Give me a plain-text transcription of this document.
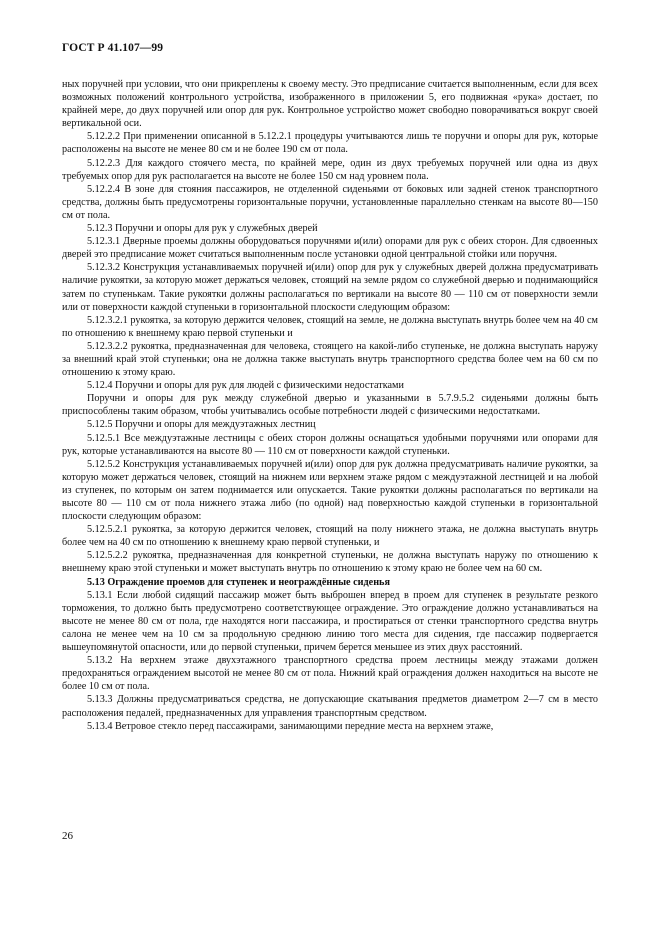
ГОСТ Р 41.107—99

ных поручней при условии, что они прикреплены к своему месту. Это предписание считается выполненным, если для всех возможных положений контрольного устройства, изображенного в приложении 5, его подвижная «рука» достает, по крайней мере, до двух поручней или опор для рук. Контрольное устройство может свободно поворачиваться вокруг своей вертикальной оси.

5.12.2.2 При применении описанной в 5.12.2.1 процедуры учитываются лишь те поручни и опоры для рук, которые расположены на высоте не менее 80 см и не более 190 см от пола.

5.12.2.3 Для каждого стоячего места, по крайней мере, один из двух требуемых поручней или одна из двух требуемых опор для рук располагается на высоте не более 150 см над уровнем пола.

5.12.2.4 В зоне для стояния пассажиров, не отделенной сиденьями от боковых или задней стенок транспортного средства, должны быть предусмотрены горизонтальные поручни, установленные параллельно стенкам на высоте 80—150 см от пола.

5.12.3 Поручни и опоры для рук у служебных дверей

5.12.3.1 Дверные проемы должны оборудоваться поручнями и(или) опорами для рук с обеих сторон. Для сдвоенных дверей это предписание может считаться выполненным после установки одной центральной стойки или поручня.

5.12.3.2 Конструкция устанавливаемых поручней и(или) опор для рук у служебных дверей должна предусматривать наличие рукоятки, за которую может держаться человек, стоящий на земле рядом со служебной дверью и поднимающийся затем по ступенькам. Такие рукоятки должны располагаться по вертикали на высоте 80 — 110 см от поверхности земли или от поверхности каждой ступеньки в горизонтальной плоскости следующим образом:

5.12.3.2.1 рукоятка, за которую держится человек, стоящий на земле, не должна выступать внутрь более чем на 40 см по отношению к внешнему краю первой ступеньки и

5.12.3.2.2 рукоятка, предназначенная для человека, стоящего на какой-либо ступеньке, не должна выступать наружу за внешний край этой ступеньки; она не должна также выступать внутрь транспортного средства более чем на 60 см по отношению к этому краю.

5.12.4 Поручни и опоры для рук для людей с физическими недостатками

Поручни и опоры для рук между служебной дверью и указанными в 5.7.9.5.2 сиденьями должны быть приспособлены таким образом, чтобы учитывались особые потребности людей с физическими недостатками.

5.12.5 Поручни и опоры для междуэтажных лестниц

5.12.5.1 Все междуэтажные лестницы с обеих сторон должны оснащаться удобными поручнями или опорами для рук, которые устанавливаются на высоте 80 — 110 см от поверхности каждой ступеньки.

5.12.5.2 Конструкция устанавливаемых поручней и(или) опор для рук должна предусматривать наличие рукоятки, за которую может держаться человек, стоящий на нижнем или верхнем этаже рядом с междуэтажной лестницей и на любой из ступенек, по которым он затем поднимается или опускается. Такие рукоятки должны располагаться по вертикали на высоте 80 — 110 см от пола нижнего этажа либо (по одной) над поверхностью каждой ступеньки в горизонтальной плоскости следующим образом:

5.12.5.2.1 рукоятка, за которую держится человек, стоящий на полу нижнего этажа, не должна выступать внутрь более чем на 40 см по отношению к внешнему краю первой ступеньки, и

5.12.5.2.2 рукоятка, предназначенная для конкретной ступеньки, не должна выступать наружу по отношению к внешнему краю этой ступеньки и может выступать внутрь по отношению к этому краю не более чем на 60 см.

5.13 Ограждение проемов для ступенек и неограждённые сиденья

5.13.1 Если любой сидящий пассажир может быть выброшен вперед в проем для ступенек в результате резкого торможения, то должно быть предусмотрено соответствующее ограждение. Это ограждение должно устанавливаться на высоте не менее 80 см от пола, где находятся ноги пассажира, и простираться от стенки транспортного средства внутрь салона не менее чем на 10 см за продольную среднюю линию того места для сидения, где пассажир подвергается вышеупомянутой опасности, или до первой ступеньки, причем берется меньшее из этих двух расстояний.

5.13.2 На верхнем этаже двухэтажного транспортного средства проем лестницы между этажами должен предохраняться ограждением высотой не менее 80 см от пола. Нижний край ограждения должен находиться на высоте не более 10 см от пола.

5.13.3 Должны предусматриваться средства, не допускающие скатывания предметов диаметром 2—7 см в место расположения педалей, предназначенных для управления транспортным средством.

5.13.4 Ветровое стекло перед пассажирами, занимающими передние места на верхнем этаже,

26
